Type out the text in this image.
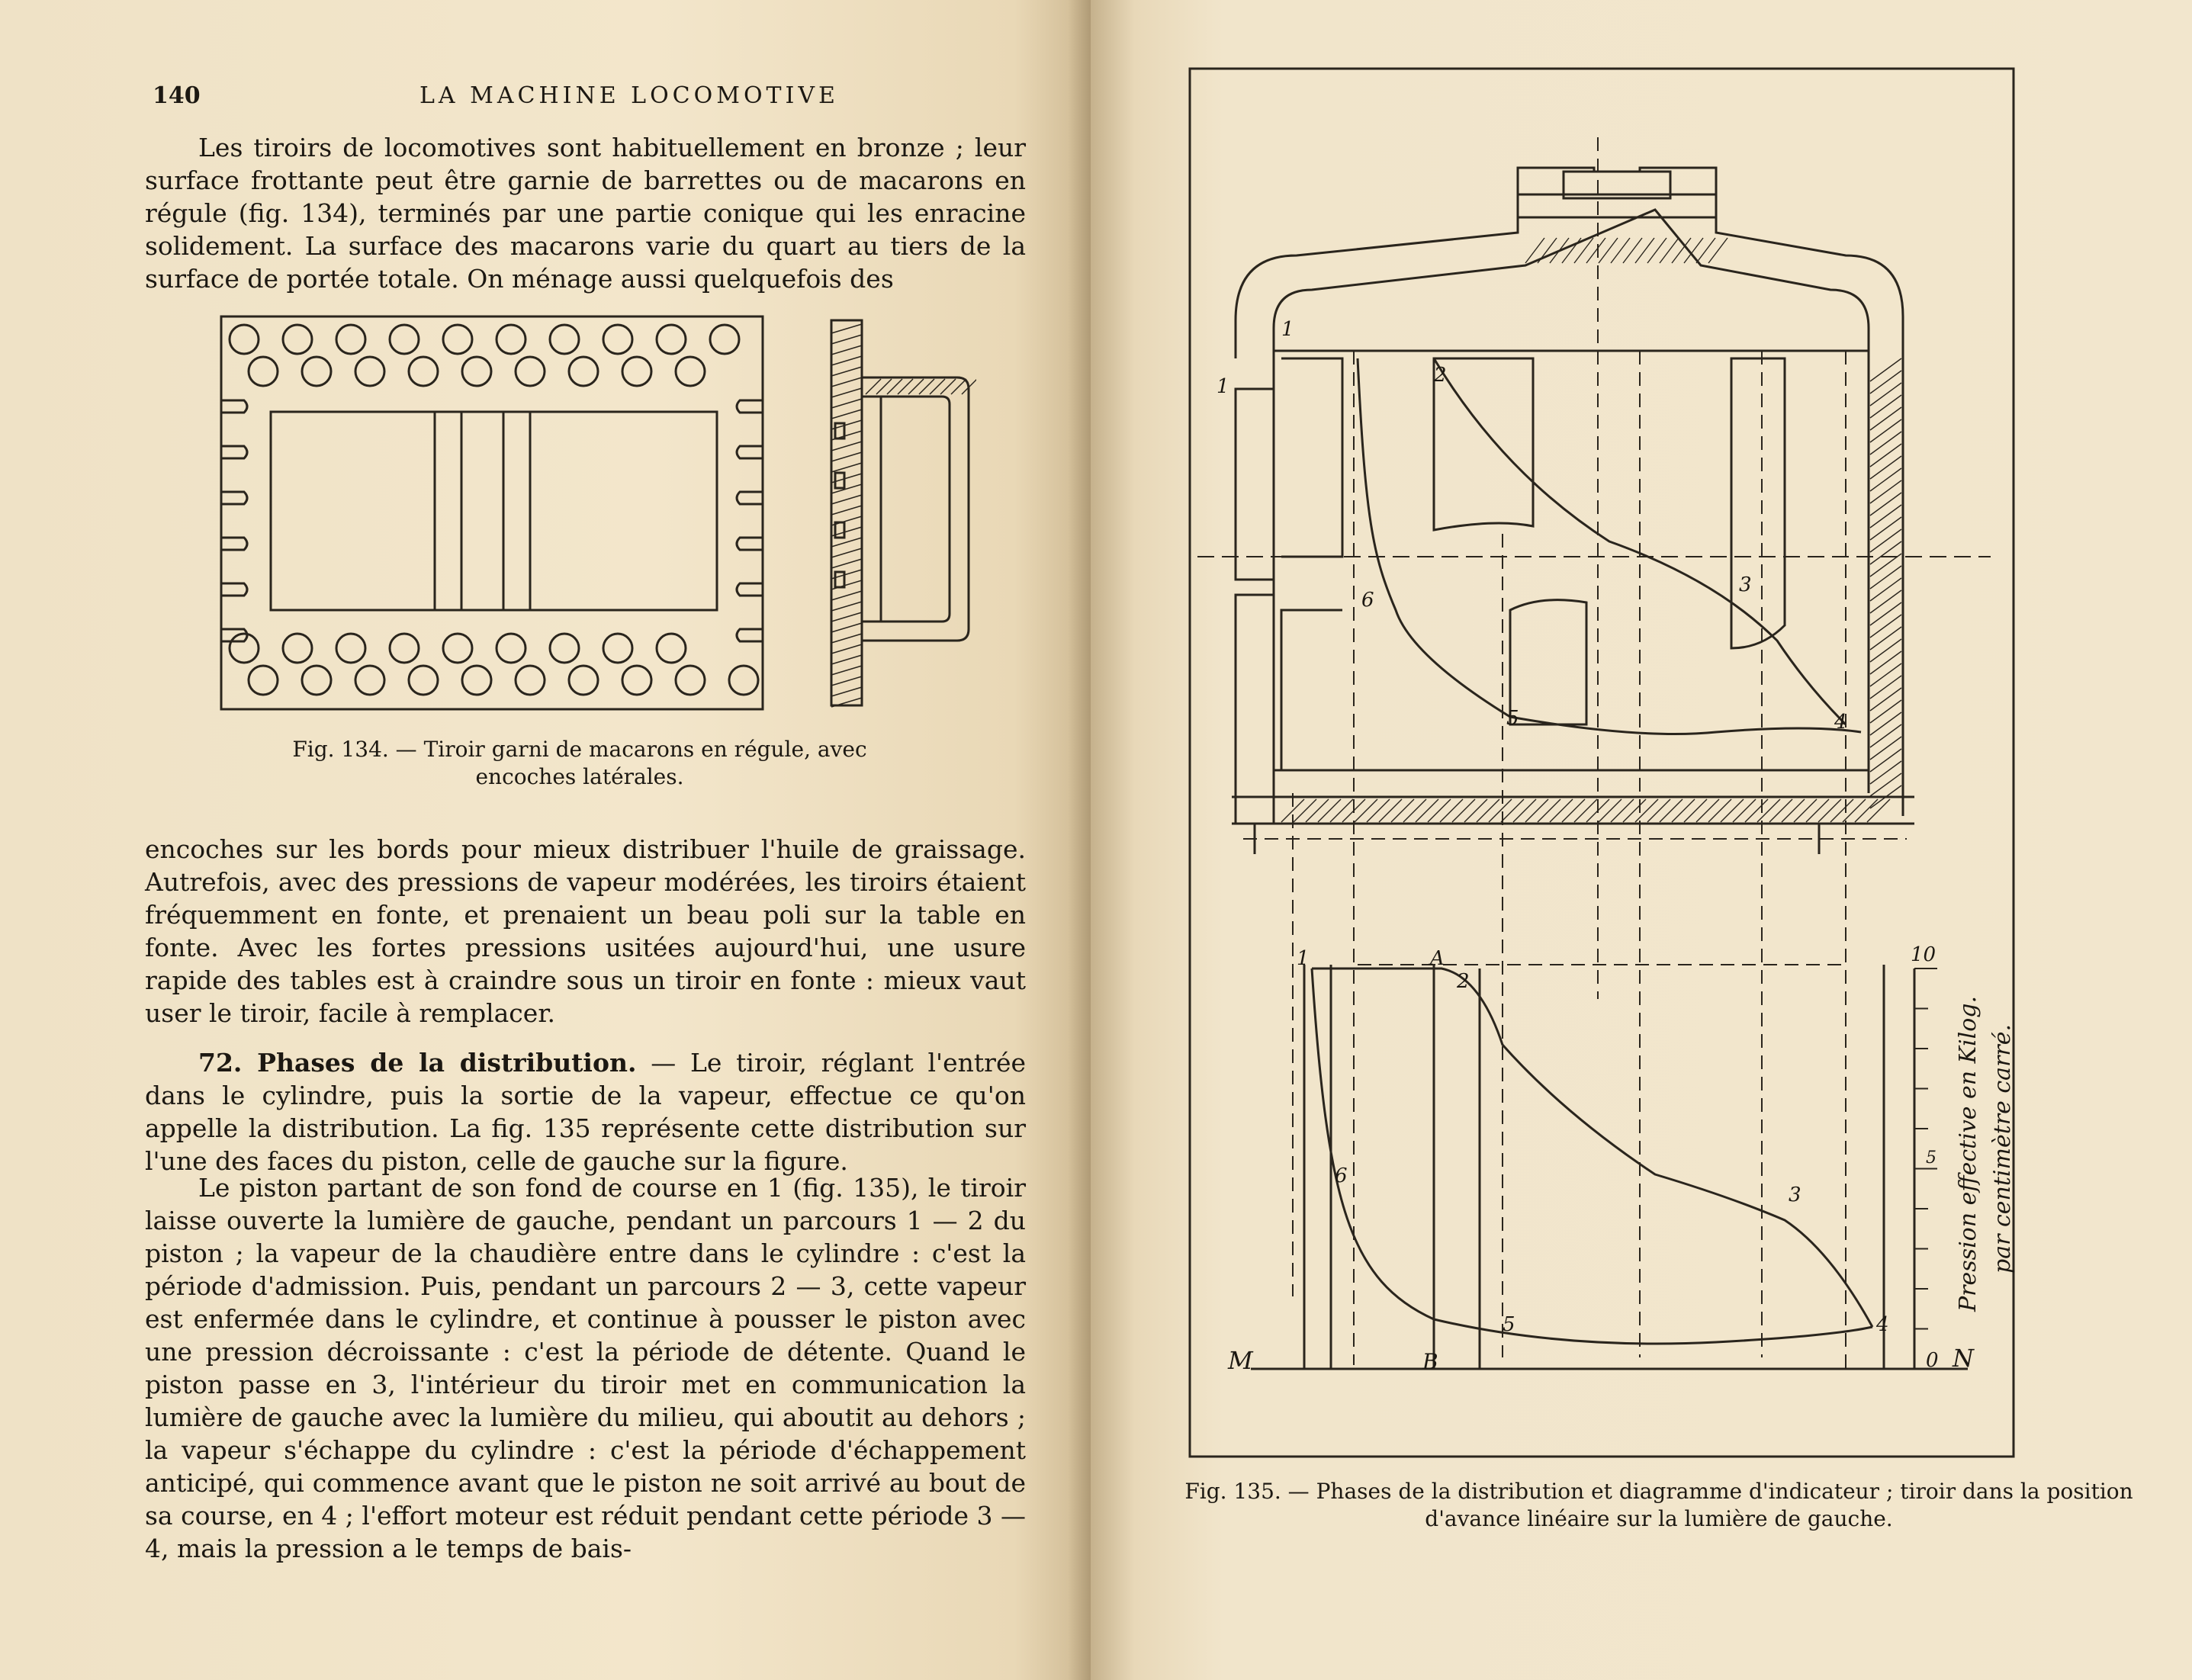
140	LA MACHINE LOCOMOTIVE

Les tiroirs de locomotives sont habituellement en bronze ; leur surface frottante peut être garnie de barrettes ou de macarons en régule (fig. 134), terminés par une partie conique qui les enracine solidement. La surface des macarons varie du quart au tiers de la surface de portée totale. On ménage aussi quelquefois des

Fig. 134. — Tiroir garni de macarons en régule, avec encoches latérales.

encoches sur les bords pour mieux distribuer l'huile de graissage. Autrefois, avec des pressions de vapeur modérées, les tiroirs étaient fréquemment en fonte, et prenaient un beau poli sur la table en fonte. Avec les fortes pressions usitées aujourd'hui, une usure rapide des tables est à craindre sous un tiroir en fonte : mieux vaut user le tiroir, facile à remplacer.

72. Phases de la distribution. — Le tiroir, réglant l'entrée dans le cylindre, puis la sortie de la vapeur, effectue ce qu'on appelle la distribution. La fig. 135 représente cette distribution sur l'une des faces du piston, celle de gauche sur la figure.

Le piston partant de son fond de course en 1 (fig. 135), le tiroir laisse ouverte la lumière de gauche, pendant un parcours 1 — 2 du piston ; la vapeur de la chaudière entre dans le cylindre : c'est la période d'admission. Puis, pendant un parcours 2 — 3, cette vapeur est enfermée dans le cylindre, et continue à pousser le piston avec une pression décroissante : c'est la période de détente. Quand le piston passe en 3, l'intérieur du tiroir met en communication la lumière de gauche avec la lumière du milieu, qui aboutit au dehors ; la vapeur s'échappe du cylindre : c'est la période d'échappement anticipé, qui commence avant que le piston ne soit arrivé au bout de sa course, en 4 ; l'effort moteur est réduit pendant cette période 3 — 4, mais la pression a le temps de bais-

1
1	2
3
4
5
6
1	A
2
3
4
5
6
M	B	N
0
10
5 Pression effective en Kilog. par centimètre carré.
Fig. 135. — Phases de la distribution et diagramme d'indicateur ; tiroir dans la position d'avance linéaire sur la lumière de gauche.
